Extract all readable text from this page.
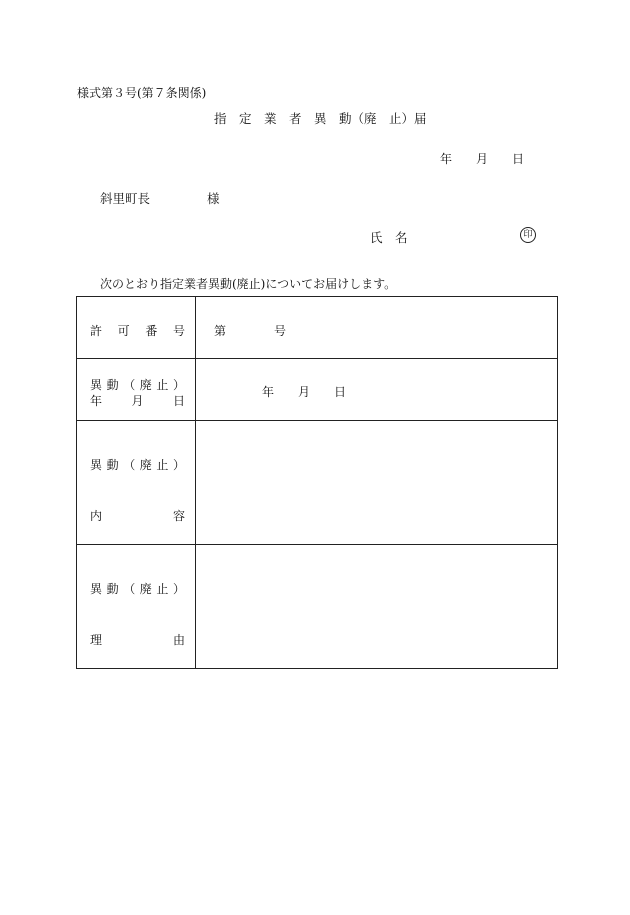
様式第３号(第７条関係)
指　定　業　者　異　動（廃　止）届
年 月 日
斜里町長	様
氏　名	印
次のとおり指定業者異動(廃止)についてお届けします。
許可番号	第 号

異動（廃止）
年月日	年 月 日

異動（廃止）
内 容	

異動（廃止）
理 由	
